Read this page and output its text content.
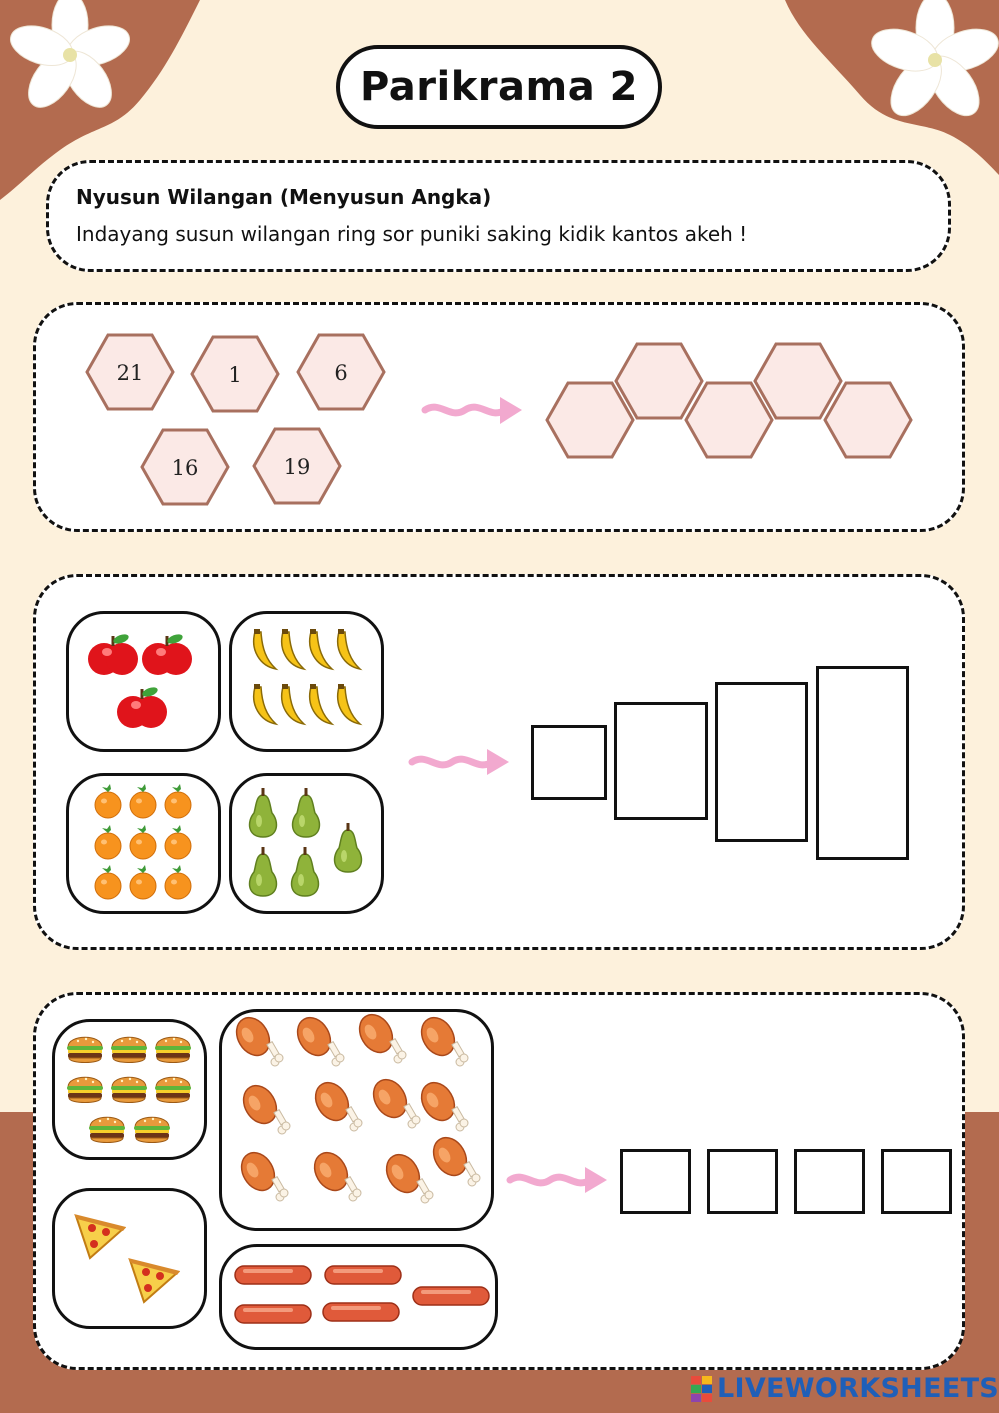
Parikrama 2
Nyusun Wilangan (Menyusun Angka)
Indayang susun wilangan ring sor puniki saking kidik kantos akeh !
21	1	6
16	19
LIVEWORKSHEETS
